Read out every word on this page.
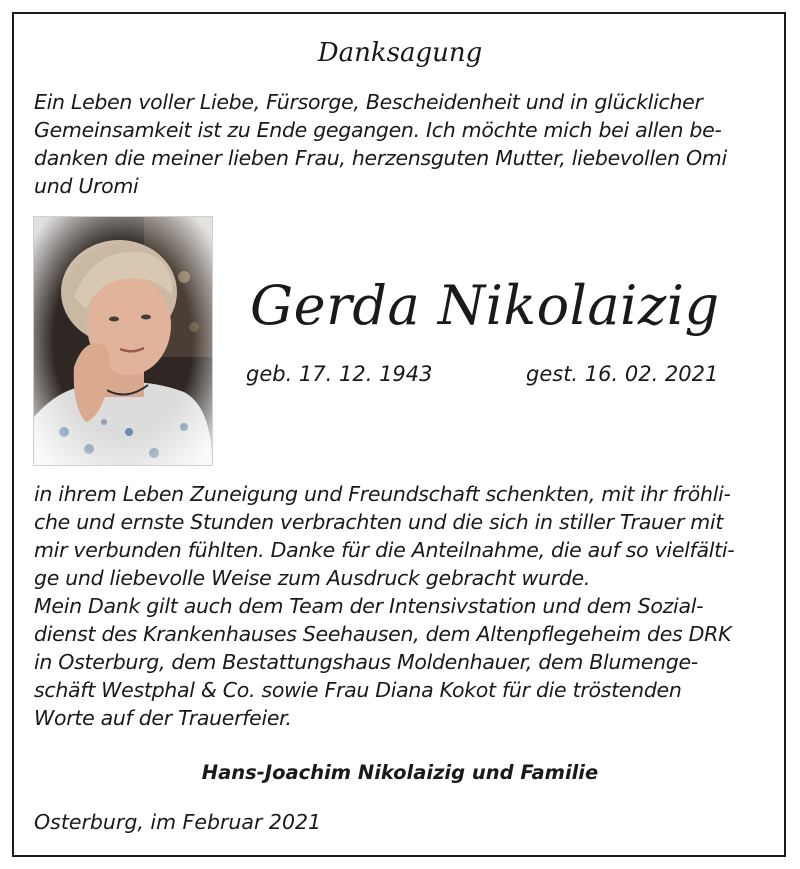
Danksagung
Ein Leben voller Liebe, Fürsorge, Bescheidenheit und in glücklicher
Gemeinsamkeit ist zu Ende gegangen. Ich möchte mich bei allen be-
danken die meiner lieben Frau, herzensguten Mutter, liebevollen Omi
und Uromi
Gerda Nikolaizig
geb. 17. 12. 1943	gest. 16. 02. 2021
in ihrem Leben Zuneigung und Freundschaft schenkten, mit ihr fröhli-
che und ernste Stunden verbrachten und die sich in stiller Trauer mit
mir verbunden fühlten. Danke für die Anteilnahme, die auf so vielfälti-
ge und liebevolle Weise zum Ausdruck gebracht wurde.
Mein Dank gilt auch dem Team der Intensivstation und dem Sozial-
dienst des Krankenhauses Seehausen, dem Altenpflegeheim des DRK
in Osterburg, dem Bestattungshaus Moldenhauer, dem Blumenge-
schäft Westphal & Co. sowie Frau Diana Kokot für die tröstenden
Worte auf der Trauerfeier.
Hans-Joachim Nikolaizig und Familie
Osterburg, im Februar 2021
